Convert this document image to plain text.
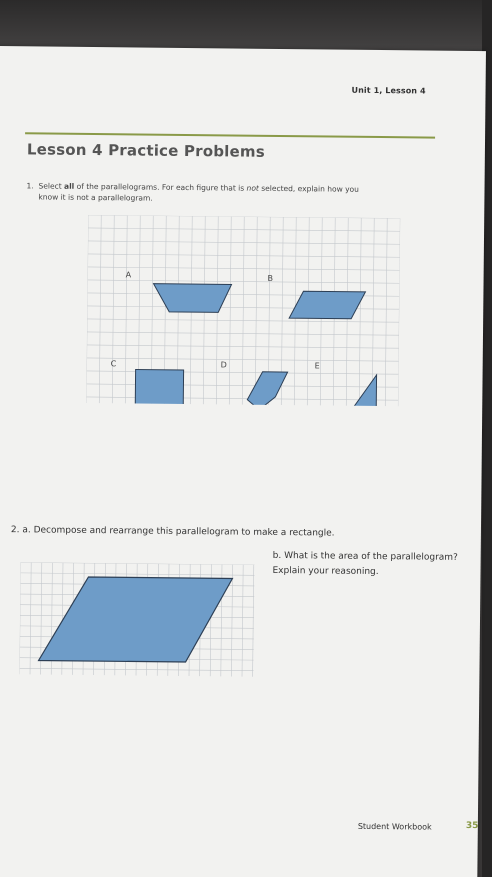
Unit 1, Lesson 4
Lesson 4 Practice Problems
1. Select all of the parallelograms. For each figure that is not selected, explain how you
know it is not a parallelogram.
A	B
C	D	E
2. a. Decompose and rearrange this parallelogram to make a rectangle.
b. What is the area of the parallelogram?
Explain your reasoning.
Student Workbook	35
